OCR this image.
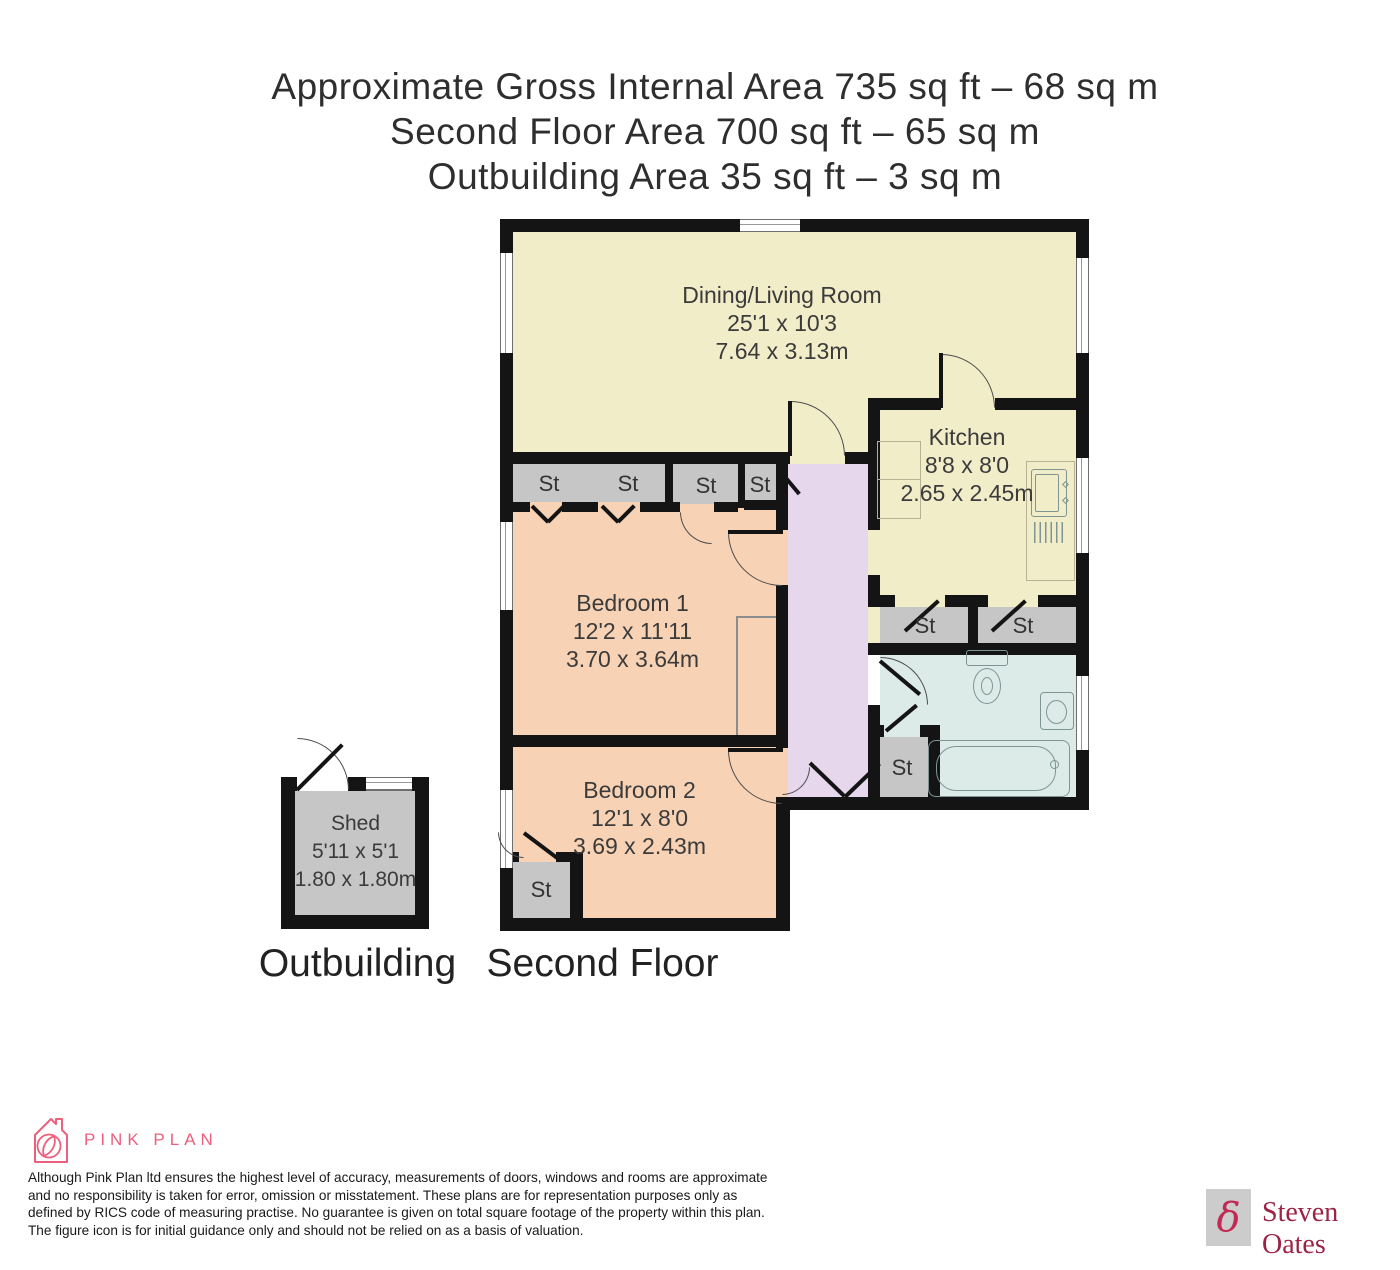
Approximate Gross Internal Area 735 sq ft – 68 sq m
Second Floor Area 700 sq ft – 65 sq m
Outbuilding Area 35 sq ft – 3 sq m
Dining/Living Room
25'1 x 10'3
7.64 x 3.13m
Kitchen
8'8 x 8'0
2.65 x 2.45m
Bedroom 1
12'2 x 11'11
3.70 x 3.64m
Bedroom 2
12'1 x 8'0
3.69 x 2.43m
Shed
5'11 x 5'1
1.80 x 1.80m
St	St	St	St
St	St
St
St
Outbuilding Second Floor
PINK PLAN
Although Pink Plan ltd ensures the highest level of accuracy, measurements of doors, windows and rooms are approximate and no responsibility is taken for error, omission or misstatement. These plans are for representation purposes only as defined by RICS code of measuring practise. No guarantee is given on total square footage of the property within this plan. The figure icon is for initial guidance only and should not be relied on as a basis of valuation.	δ Steven Oates
